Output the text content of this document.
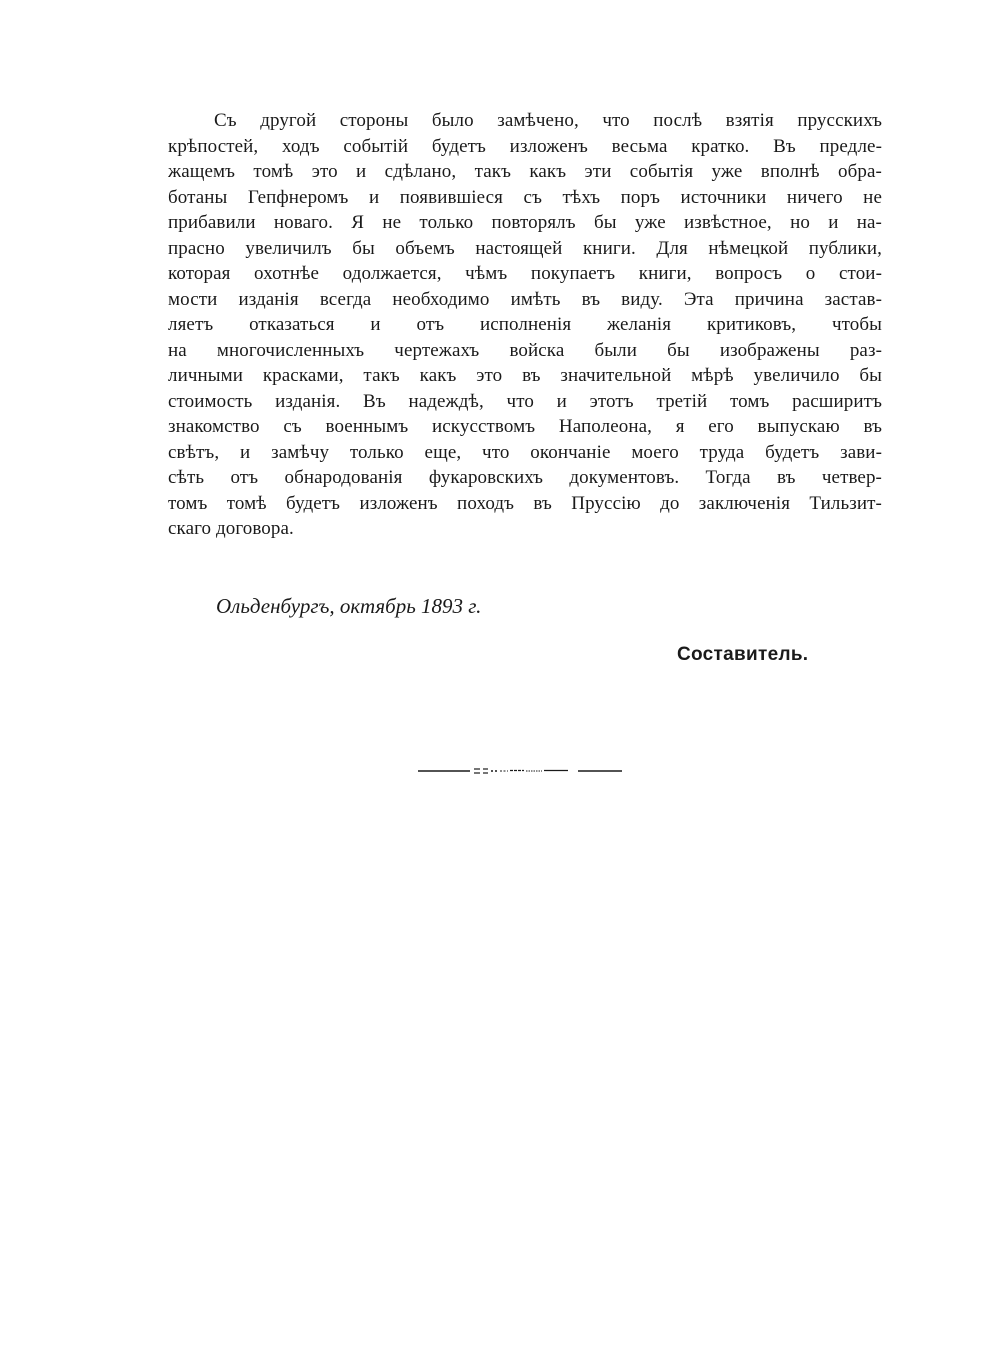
Съ другой стороны было замѣчено, что послѣ взятія прусскихъ
крѣпостей, ходъ событій будетъ изложенъ весьма кратко. Въ предле-
жащемъ томѣ это и сдѣлано, такъ какъ эти событія уже вполнѣ обра-
ботаны Гепфнеромъ и появившіеся съ тѣхъ поръ источники ничего не
прибавили новаго. Я не только повторялъ бы уже извѣстное, но и на-
прасно увеличилъ бы объемъ настоящей книги. Для нѣмецкой публики,
которая охотнѣе одолжается, чѣмъ покупаетъ книги, вопросъ о стои-
мости изданія всегда необходимо имѣть въ виду. Эта причина застав-
ляетъ отказаться и отъ исполненія желанія критиковъ, чтобы
на многочисленныхъ чертежахъ войска были бы изображены раз-
личными красками, такъ какъ это въ значительной мѣрѣ увеличило бы
стоимость изданія. Въ надеждѣ, что и этотъ третій томъ расширитъ
знакомство съ военнымъ искусствомъ Наполеона, я его выпускаю въ
свѣтъ, и замѣчу только еще, что окончаніе моего труда будетъ зави-
сѣть отъ обнародованія фукаровскихъ документовъ. Тогда въ четвер-
томъ томѣ будетъ изложенъ походъ въ Пруссію до заключенія Тильзит-
скаго договора.
Ольденбургъ, октябрь 1893 г.
Составитель.
